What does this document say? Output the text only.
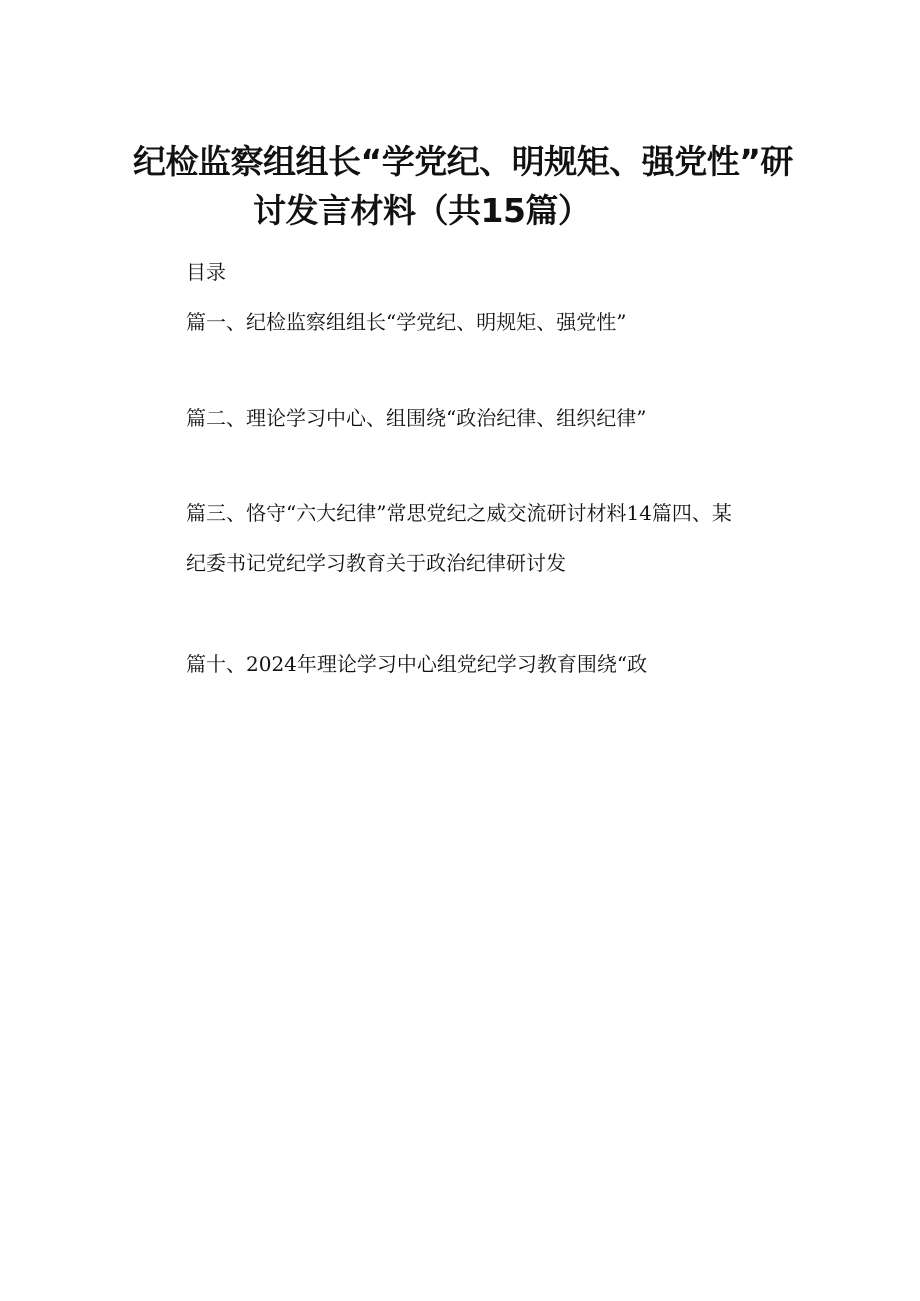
纪检监察组组长“学党纪、明规矩、强党性”研
讨发言材料（共15篇）
目录
篇一、纪检监察组组长“学党纪、明规矩、强党性”
篇二、理论学习中心、组围绕“政治纪律、组织纪律”
篇三、恪守“六大纪律”常思党纪之威交流研讨材料14篇四、某
纪委书记党纪学习教育关于政治纪律研讨发
篇十、2024年理论学习中心组党纪学习教育围绕“政
